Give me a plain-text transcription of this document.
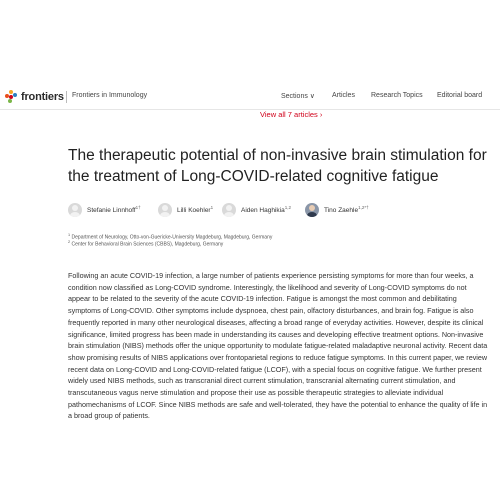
frontiers Frontiers in Immunology	Sections ∨ Articles Research Topics Editorial board
View all 7 articles ›
The therapeutic potential of non-invasive brain stimulation for the treatment of Long-COVID-related cognitive fatigue
Stefanie Linnhoff$^{1\dagger}$	Lilli Koehler$^1$	Aiden Haghikia$^{1,2}$	Tino Zaehle$^{1,2*\dagger}$
$^1$ Department of Neurology, Otto-von-Guericke-University Magdeburg, Magdeburg, Germany
$^2$ Center for Behavioral Brain Sciences (CBBS), Magdeburg, Germany

Following an acute COVID-19 infection, a large number of patients experience persisting symptoms for more than four weeks, a condition now classified as Long-COVID syndrome. Interestingly, the likelihood and severity of Long-COVID symptoms do not appear to be related to the severity of the acute COVID-19 infection. Fatigue is amongst the most common and debilitating symptoms of Long-COVID. Other symptoms include dyspnoea, chest pain, olfactory disturbances, and brain fog. Fatigue is also frequently reported in many other neurological diseases, affecting a broad range of everyday activities. However, despite its clinical significance, limited progress has been made in understanding its causes and developing effective treatment options. Non-invasive brain stimulation (NIBS) methods offer the unique opportunity to modulate fatigue-related maladaptive neuronal activity. Recent data show promising results of NIBS applications over frontoparietal regions to reduce fatigue symptoms. In this current paper, we review recent data on Long-COVID and Long-COVID-related fatigue (LCOF), with a special focus on cognitive fatigue. We further present widely used NIBS methods, such as transcranial direct current stimulation, transcranial alternating current stimulation, and transcutaneous vagus nerve stimulation and propose their use as possible therapeutic strategies to alleviate individual pathomechanisms of LCOF. Since NIBS methods are safe and well-tolerated, they have the potential to enhance the quality of life in a broad group of patients.
